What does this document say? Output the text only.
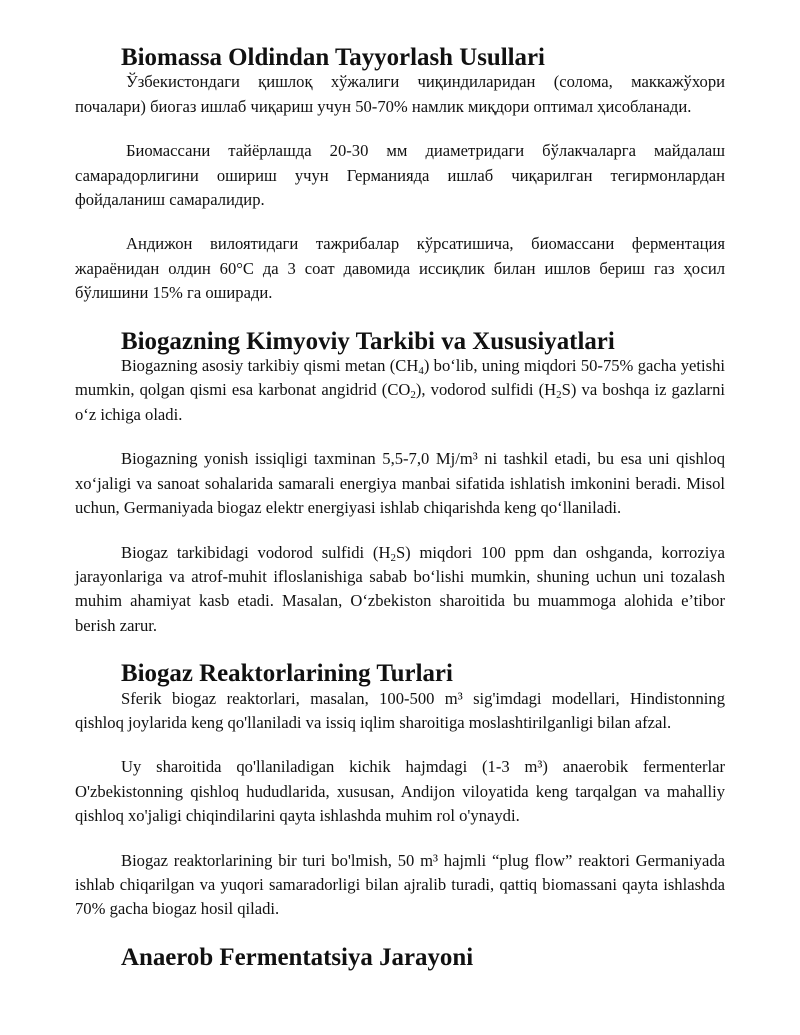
Biomassa Oldindan Tayyorlash Usullari

Ўзбекистондаги қишлоқ хўжалиги чиқиндиларидан (солома, маккажўхори почалари) биогаз ишлаб чиқариш учун 50-70% намлик миқдори оптимал ҳисобланади.

Биомассани тайёрлашда 20-30 мм диаметридаги бўлакчаларга майдалаш самарадорлигини ошириш учун Германияда ишлаб чиқарилган тегирмонлардан фойдаланиш самаралидир.

Андижон вилоятидаги тажрибалар кўрсатишича, биомассани ферментация жараёнидан олдин 60°C да 3 соат давомида иссиқлик билан ишлов бериш газ ҳосил бўлишини 15% га оширади.

Biogazning Kimyoviy Tarkibi va Xususiyatlari

Biogazning asosiy tarkibiy qismi metan $(CH_4)$ bo‘lib, uning miqdori 50-75% gacha yetishi mumkin, qolgan qismi esa karbonat angidrid $(CO_2)$, vodorod sulfidi $(H_2S)$ va boshqa iz gazlarni o‘z ichiga oladi.

Biogazning yonish issiqligi taxminan 5,5-7,0 Mj/m³ ni tashkil etadi, bu esa uni qishloq xo‘jaligi va sanoat sohalarida samarali energiya manbai sifatida ishlatish imkonini beradi. Misol uchun, Germaniyada biogaz elektr energiyasi ishlab chiqarishda keng qo‘llaniladi.

Biogaz tarkibidagi vodorod sulfidi $(H_2S)$ miqdori 100 ppm dan oshganda, korroziya jarayonlariga va atrof-muhit ifloslanishiga sabab bo‘lishi mumkin, shuning uchun uni tozalash muhim ahamiyat kasb etadi. Masalan, O‘zbekiston sharoitida bu muammoga alohida e’tibor berish zarur.

Biogaz Reaktorlarining Turlari

Sferik biogaz reaktorlari, masalan, 100-500 m³ sig'imdagi modellari, Hindistonning qishloq joylarida keng qo'llaniladi va issiq iqlim sharoitiga moslashtirilganligi bilan afzal.

Uy sharoitida qo'llaniladigan kichik hajmdagi (1-3 m³) anaerobik fermenterlar O'zbekistonning qishloq hududlarida, xususan, Andijon viloyatida keng tarqalgan va mahalliy qishloq xo'jaligi chiqindilarini qayta ishlashda muhim rol o'ynaydi.

Biogaz reaktorlarining bir turi bo'lmish, 50 m³ hajmli “plug flow” reaktori Germaniyada ishlab chiqarilgan va yuqori samaradorligi bilan ajralib turadi, qattiq biomassani qayta ishlashda 70% gacha biogaz hosil qiladi.

Anaerob Fermentatsiya Jarayoni
